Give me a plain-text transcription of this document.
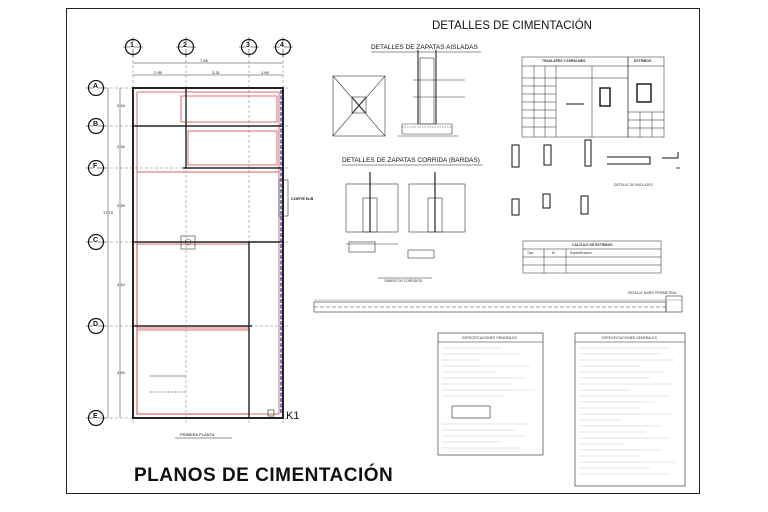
PLANOS DE CIMENTACIÓN
DETALLES DE CIMENTACIÓN
DETALLES DE ZAPATAS AISLADAS
DETALLES DE ZAPATAS CORRIDA (BARDAS)
PRIMERA PLANTA
CORTE B-B
K1
1	2	3	4
A
B
F
C
D
E
7.65
2.95	3.31	1.69
2.16
2.16
2.39
4.10
4.05
17.70
TRASLAPES Y EMPALMES	ESTRIBOS
CÁLCULO DE ESTRIBOS
Tipo	Ø	Especificación
DETALLE DE ANCLAJES
CIMIENTOS CORRIDOS
DETALLE MURO PERIMETRAL
ESPECIFICACIONES GENERALES	ESPECIFICACIONES GENERALES
